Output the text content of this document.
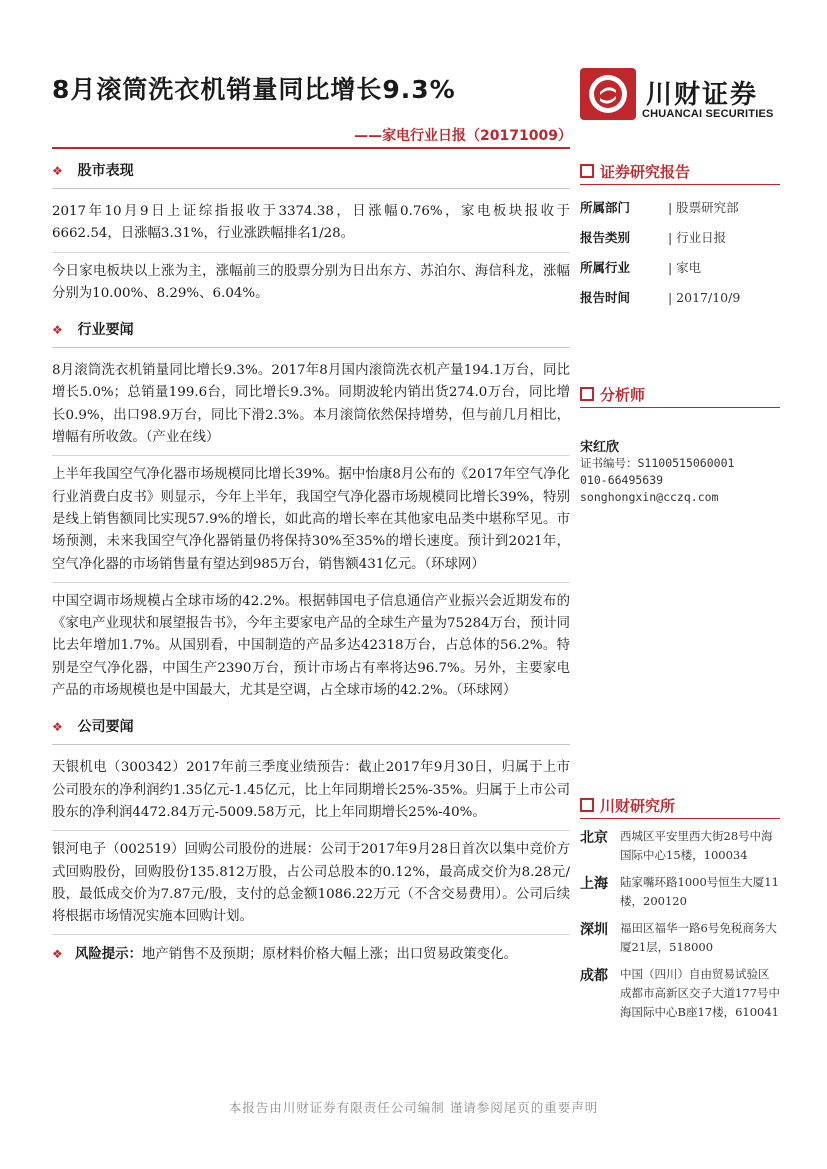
8月滚筒洗衣机销量同比增长9.3%
——家电行业日报（20171009）
川财证券
CHUANCAI SECURITIES
❖ 股市表现

2017年10月9日上证综指报收于3374.38，日涨幅0.76%，家电板块报收于6662.54，日涨幅3.31%，行业涨跌幅排名1/28。

今日家电板块以上涨为主，涨幅前三的股票分别为日出东方、苏泊尔、海信科龙，涨幅分别为10.00%、8.29%、6.04%。

❖ 行业要闻

8月滚筒洗衣机销量同比增长9.3%。2017年8月国内滚筒洗衣机产量194.1万台，同比增长5.0%；总销量199.6台，同比增长9.3%。同期波轮内销出货274.0万台，同比增长0.9%，出口98.9万台，同比下滑2.3%。本月滚筒依然保持增势，但与前几月相比，增幅有所收敛。（产业在线）

上半年我国空气净化器市场规模同比增长39%。据中怡康8月公布的《2017年空气净化行业消费白皮书》则显示，今年上半年，我国空气净化器市场规模同比增长39%，特别是线上销售额同比实现57.9%的增长，如此高的增长率在其他家电品类中堪称罕见。市场预测，未来我国空气净化器销量仍将保持30%至35%的增长速度。预计到2021年，空气净化器的市场销售量有望达到985万台，销售额431亿元。（环球网）

中国空调市场规模占全球市场的42.2%。根据韩国电子信息通信产业振兴会近期发布的《家电产业现状和展望报告书》，今年主要家电产品的全球生产量为75284万台，预计同比去年增加1.7%。从国别看，中国制造的产品多达42318万台，占总体的56.2%。特别是空气净化器，中国生产2390万台，预计市场占有率将达96.7%。另外，主要家电产品的市场规模也是中国最大，尤其是空调，占全球市场的42.2%。（环球网）

❖ 公司要闻

天银机电（300342）2017年前三季度业绩预告：截止2017年9月30日，归属于上市公司股东的净利润约1.35亿元-1.45亿元，比上年同期增长25%-35%。归属于上市公司股东的净利润4472.84万元-5009.58万元，比上年同期增长25%-40%。

银河电子（002519）回购公司股份的进展：公司于2017年9月28日首次以集中竞价方式回购股份，回购股份135.812万股，占公司总股本的0.12%，最高成交价为8.28元/股，最低成交价为7.87元/股，支付的总金额1086.22万元（不含交易费用）。公司后续将根据市场情况实施本回购计划。

❖ 风险提示：地产销售不及预期；原材料价格大幅上涨；出口贸易政策变化。
证券研究报告
所属部门	| 股票研究部
报告类别	| 行业日报
所属行业	| 家电
报告时间	| 2017/10/9
分析师
宋红欣
证书编号：S1100515060001
010-66495639
songhongxin@cczq.com
川财研究所
北京	西城区平安里西大街28号中海国际中心15楼，100034
上海	陆家嘴环路1000号恒生大厦11楼，200120
深圳	福田区福华一路6号免税商务大厦21层，518000
成都	中国（四川）自由贸易试验区成都市高新区交子大道177号中海国际中心B座17楼，610041
本报告由川财证券有限责任公司编制 谨请参阅尾页的重要声明
